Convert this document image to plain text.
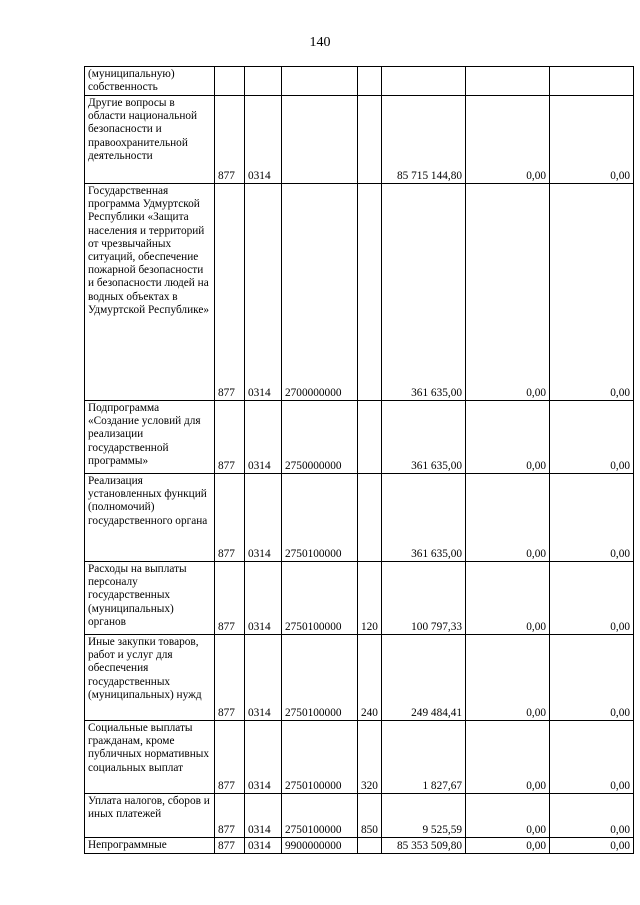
140
(муниципальную) собственность							
Другие вопросы в области национальной безопасности и правоохранительной деятельности	877	0314			85 715 144,80	0,00	0,00
Государственная программа Удмуртской Республики «Защита населения и территорий от чрезвычайных ситуаций, обеспечение пожарной безопасности и безопасности людей на водных объектах в Удмуртской Республике»	877	0314	2700000000		361 635,00	0,00	0,00
Подпрограмма «Создание условий для реализации государственной программы»	877	0314	2750000000		361 635,00	0,00	0,00
Реализация установленных функций (полномочий) государственного органа	877	0314	2750100000		361 635,00	0,00	0,00
Расходы на выплаты персоналу государственных (муниципальных) органов	877	0314	2750100000	120	100 797,33	0,00	0,00
Иные закупки товаров, работ и услуг для обеспечения государственных (муниципальных) нужд	877	0314	2750100000	240	249 484,41	0,00	0,00
Социальные выплаты гражданам, кроме публичных нормативных социальных выплат	877	0314	2750100000	320	1 827,67	0,00	0,00
Уплата налогов, сборов и иных платежей	877	0314	2750100000	850	9 525,59	0,00	0,00
Непрограммные	877	0314	9900000000		85 353 509,80	0,00	0,00
